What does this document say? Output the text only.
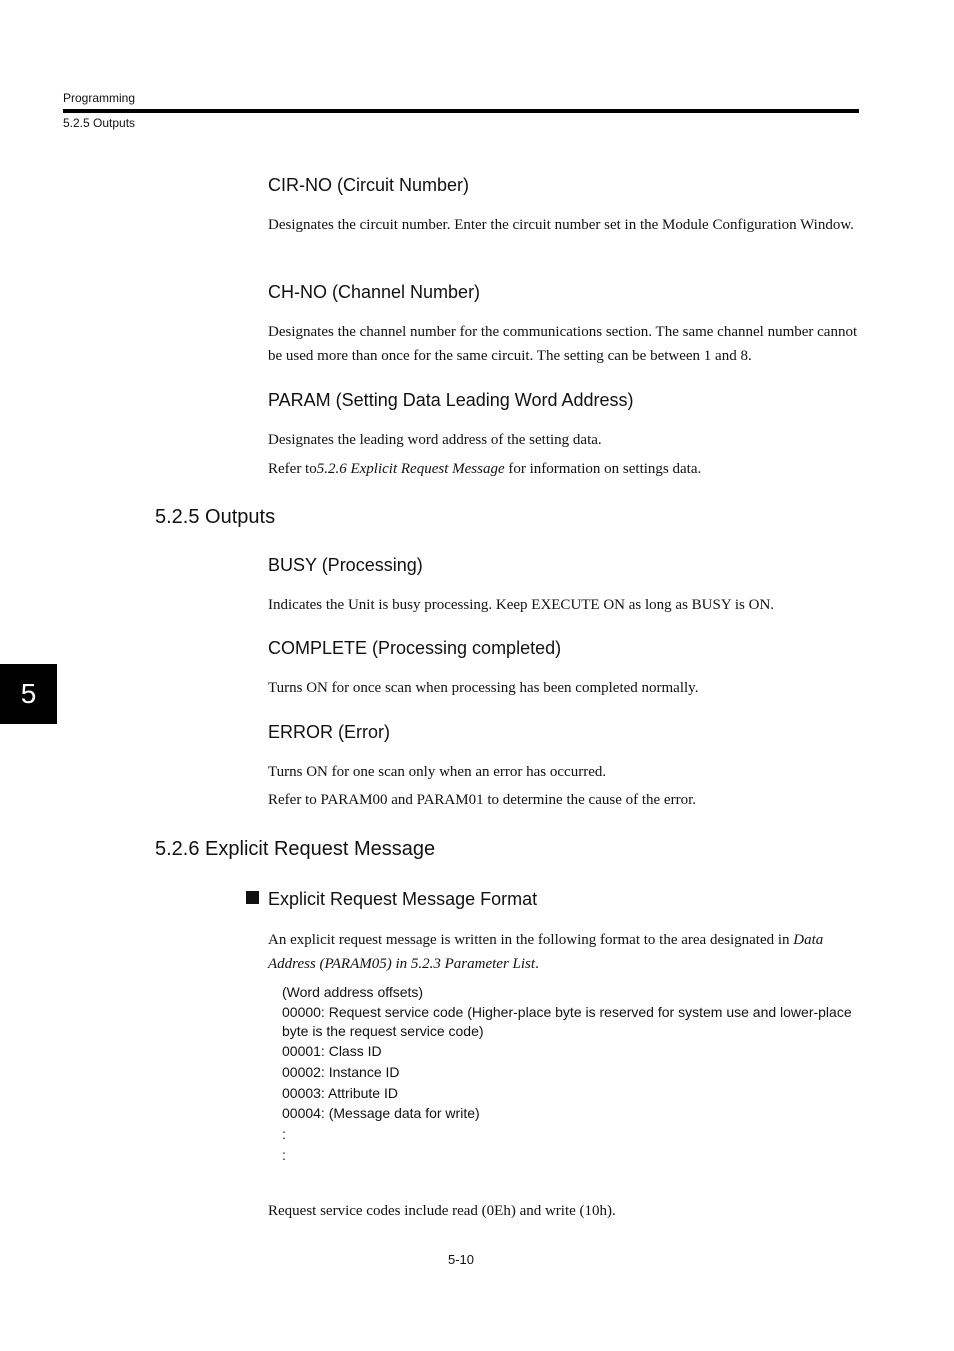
Programming
5.2.5 Outputs
CIR-NO (Circuit Number)
Designates the circuit number. Enter the circuit number set in the Module Configuration Window.
CH-NO (Channel Number)
Designates the channel number for the communications section. The same channel number cannot be used more than once for the same circuit. The setting can be between 1 and 8.
PARAM (Setting Data Leading Word Address)
Designates the leading word address of the setting data.
Refer to5.2.6 Explicit Request Message for information on settings data.
5.2.5 Outputs
BUSY (Processing)
Indicates the Unit is busy processing. Keep EXECUTE ON as long as BUSY is ON.
COMPLETE (Processing completed)
Turns ON for once scan when processing has been completed normally.
5
ERROR (Error)
Turns ON for one scan only when an error has occurred.
Refer to PARAM00 and PARAM01 to determine the cause of the error.
5.2.6 Explicit Request Message
Explicit Request Message Format
An explicit request message is written in the following format to the area designated in Data Address (PARAM05) in 5.2.3 Parameter List.
(Word address offsets)
00000: Request service code (Higher-place byte is reserved for system use and lower-place byte is the request service code)
00001: Class ID
00002: Instance ID
00003: Attribute ID
00004: (Message data for write)
:
:
Request service codes include read (0Eh) and write (10h).
5-10
